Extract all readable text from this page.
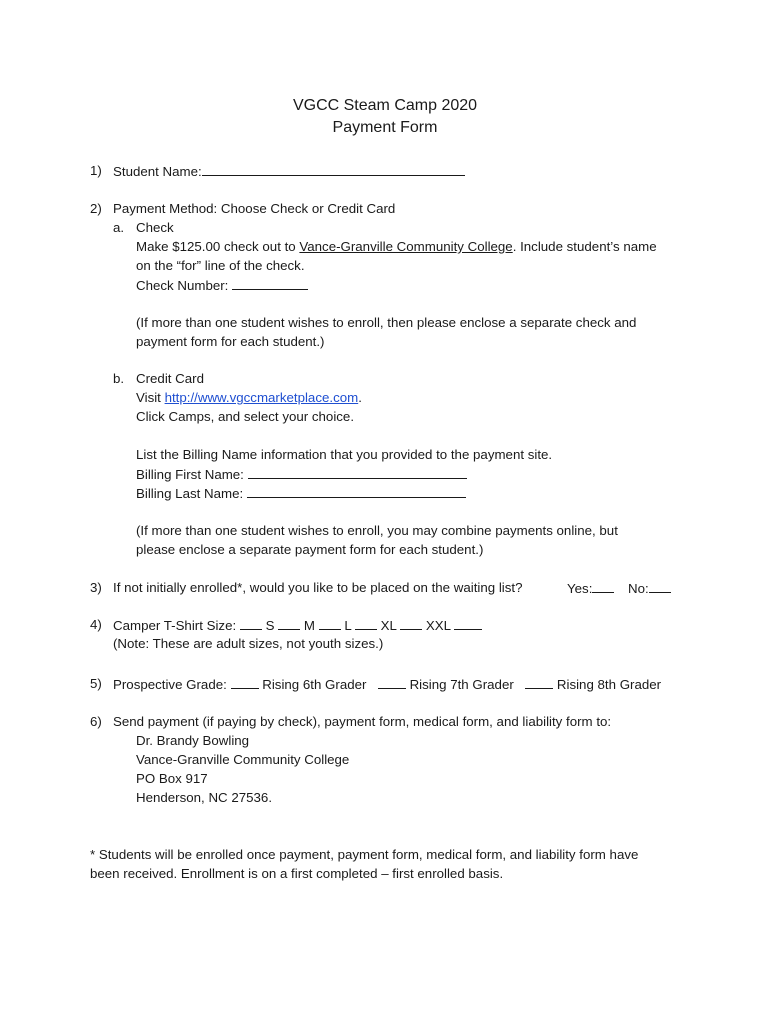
VGCC Steam Camp 2020
Payment Form
1) Student Name:
2) Payment Method: Choose Check or Credit Card
a. Check
Make $125.00 check out to Vance-Granville Community College. Include student’s name
on the “for” line of the check.
Check Number:
(If more than one student wishes to enroll, then please enclose a separate check and
payment form for each student.)
b. Credit Card
Visit http://www.vgccmarketplace.com.
Click Camps, and select your choice.
List the Billing Name information that you provided to the payment site.
Billing First Name:
Billing Last Name:
(If more than one student wishes to enroll, you may combine payments online, but
please enclose a separate payment form for each student.)
3) If not initially enrolled*, would you like to be placed on the waiting list?	Yes:	No:
4) Camper T-Shirt Size: S M L XL XXL
(Note: These are adult sizes, not youth sizes.)
5) Prospective Grade:	Rising 6th Grader	Rising 7th Grader	Rising 8th Grader
6) Send payment (if paying by check), payment form, medical form, and liability form to:
Dr. Brandy Bowling
Vance-Granville Community College
PO Box 917
Henderson, NC 27536.
* Students will be enrolled once payment, payment form, medical form, and liability form have
been received. Enrollment is on a first completed – first enrolled basis.
